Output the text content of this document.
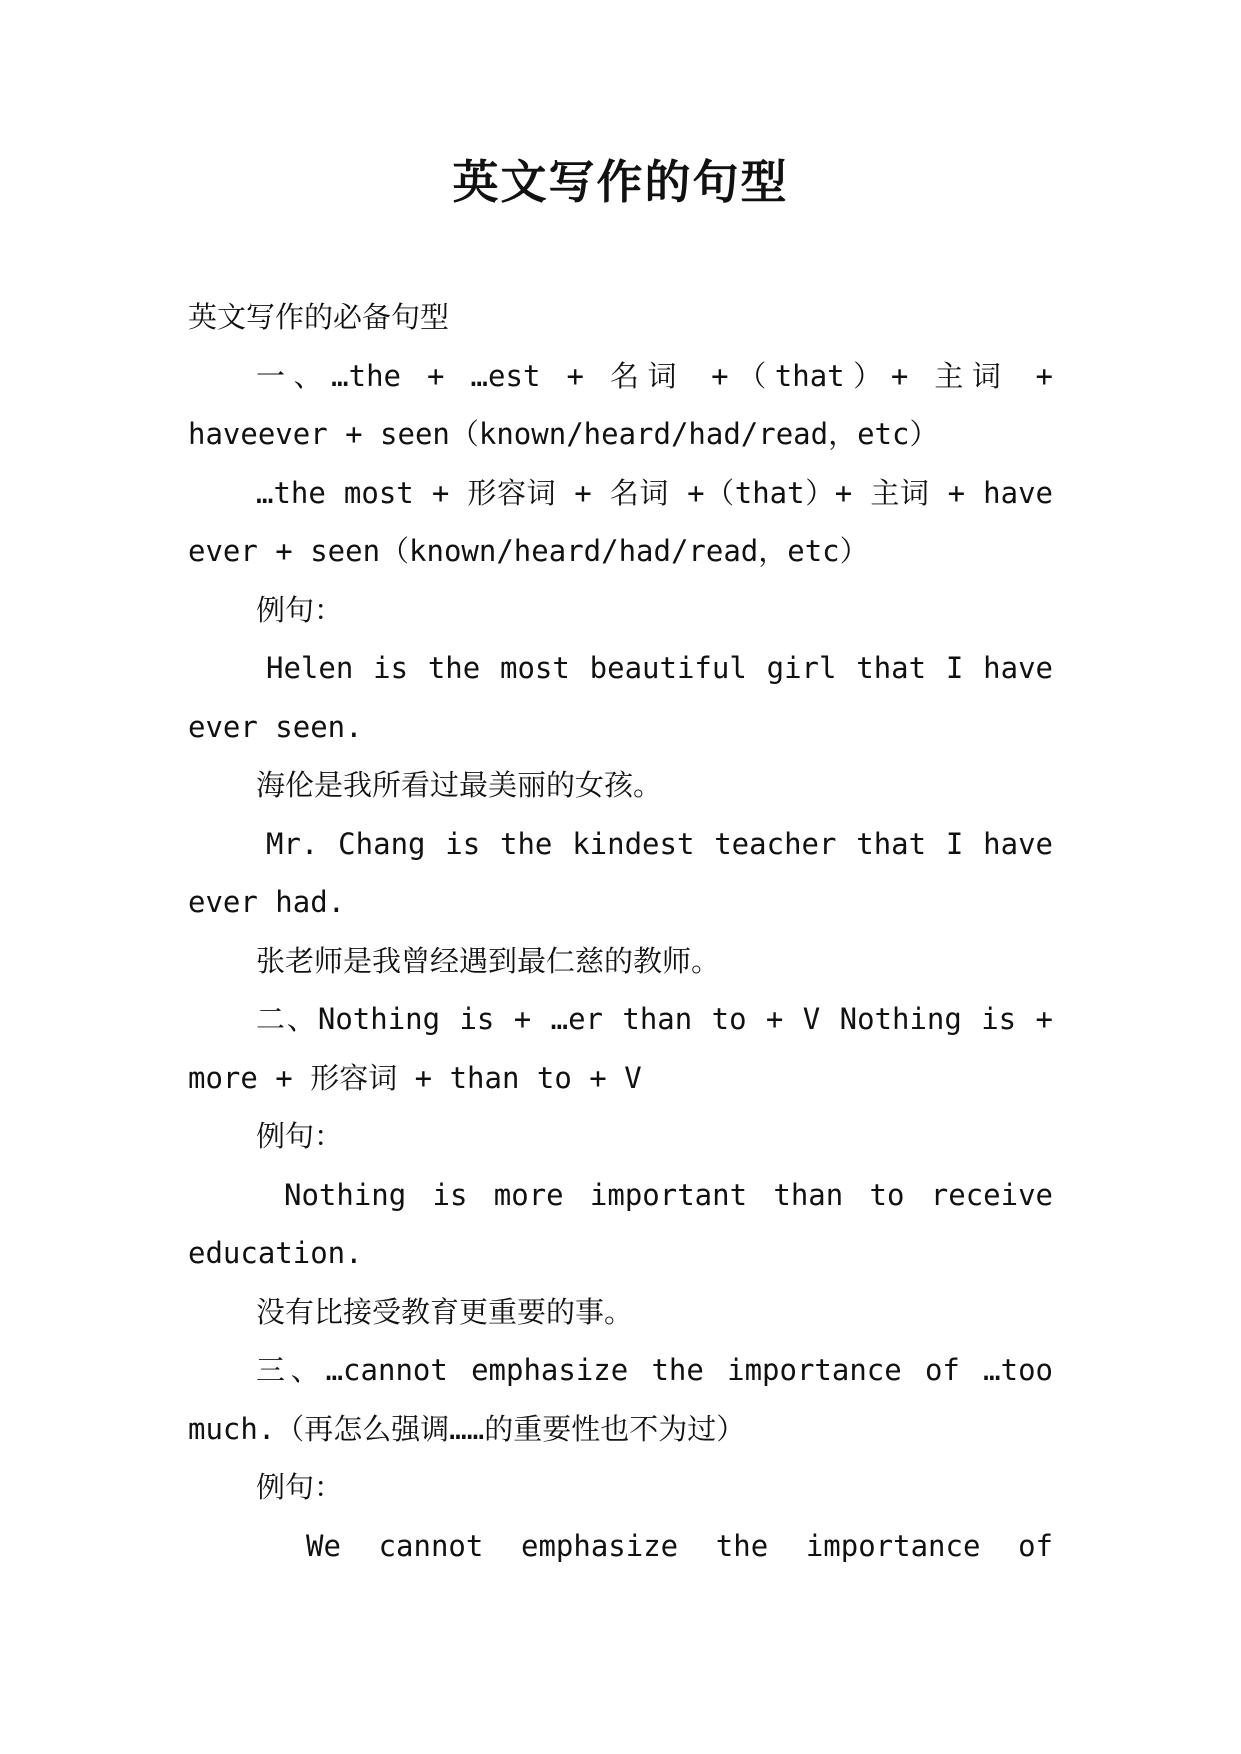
英文写作的句型

英文写作的必备句型

一、…the + …est + 名词 +（that）+ 主词 + haveever + seen（known/heard/had/read，etc）

…the most + 形容词 + 名词 +（that）+ 主词 + have ever + seen（known/heard/had/read，etc）

例句：

Helen is the most beautiful girl that I have ever seen.

海伦是我所看过最美丽的女孩。

Mr. Chang is the kindest teacher that I have ever had.

张老师是我曾经遇到最仁慈的教师。

二、Nothing is + …er than to + V Nothing is + more + 形容词 + than to + V

例句：

Nothing is more important than to receive education.

没有比接受教育更重要的事。

三、…cannot emphasize the importance of …too much.（再怎么强调……的重要性也不为过）

例句：

We cannot emphasize the importance of
